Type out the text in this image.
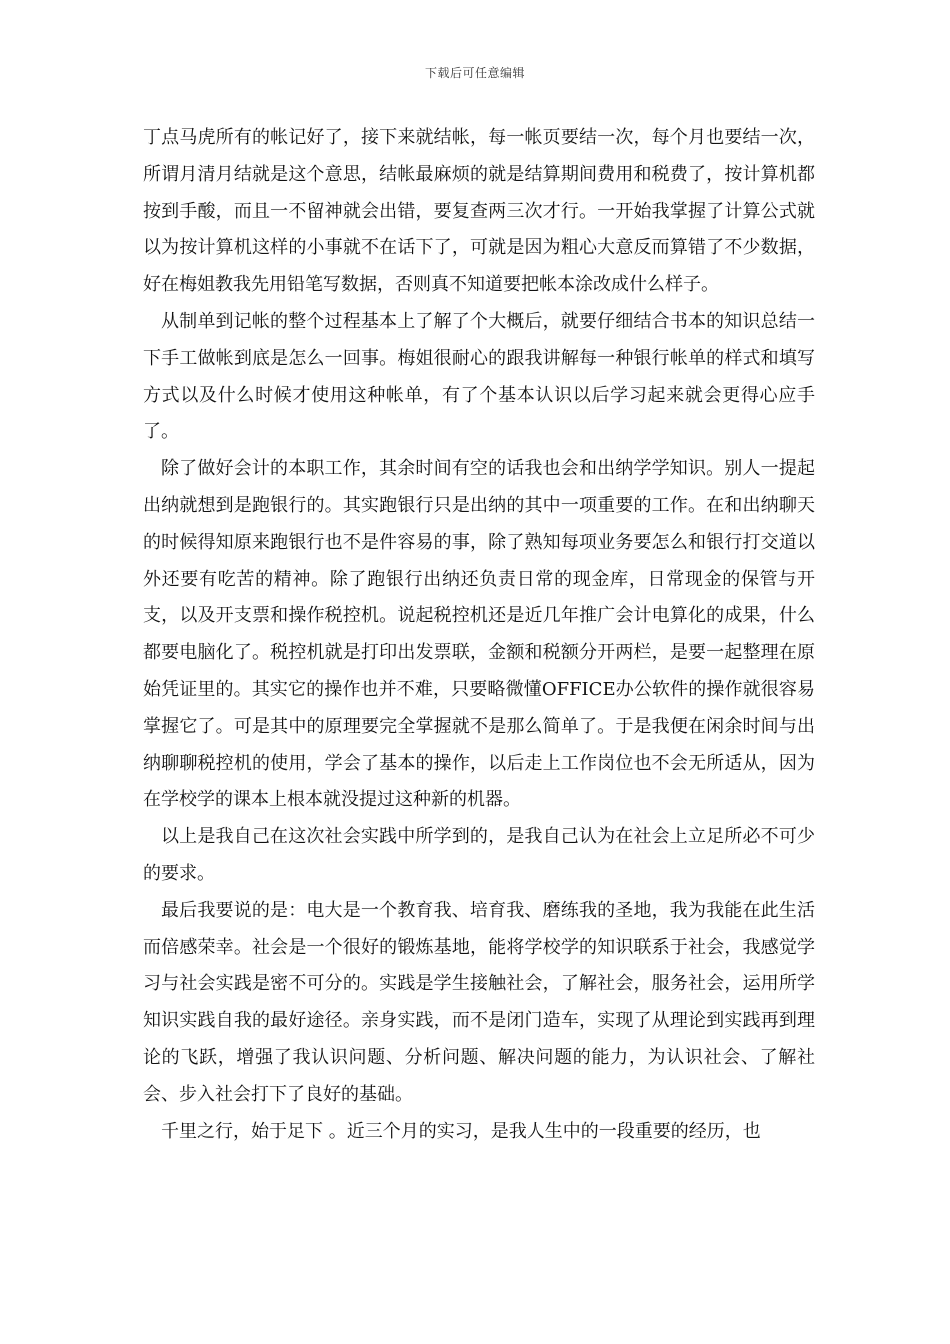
下载后可任意编辑

丁点马虎所有的帐记好了，接下来就结帐，每一帐页要结一次，每个月也要结一次，所谓月清月结就是这个意思，结帐最麻烦的就是结算期间费用和税费了，按计算机都按到手酸，而且一不留神就会出错，要复查两三次才行。一开始我掌握了计算公式就以为按计算机这样的小事就不在话下了，可就是因为粗心大意反而算错了不少数据，好在梅姐教我先用铅笔写数据，否则真不知道要把帐本涂改成什么样子。

从制单到记帐的整个过程基本上了解了个大概后，就要仔细结合书本的知识总结一下手工做帐到底是怎么一回事。梅姐很耐心的跟我讲解每一种银行帐单的样式和填写方式以及什么时候才使用这种帐单，有了个基本认识以后学习起来就会更得心应手了。

除了做好会计的本职工作，其余时间有空的话我也会和出纳学学知识。别人一提起出纳就想到是跑银行的。其实跑银行只是出纳的其中一项重要的工作。在和出纳聊天的时候得知原来跑银行也不是件容易的事，除了熟知每项业务要怎么和银行打交道以外还要有吃苦的精神。除了跑银行出纳还负责日常的现金库，日常现金的保管与开支，以及开支票和操作税控机。说起税控机还是近几年推广会计电算化的成果，什么都要电脑化了。税控机就是打印出发票联，金额和税额分开两栏，是要一起整理在原始凭证里的。其实它的操作也并不难，只要略微懂OFFICE办公软件的操作就很容易掌握它了。可是其中的原理要完全掌握就不是那么简单了。于是我便在闲余时间与出纳聊聊税控机的使用，学会了基本的操作，以后走上工作岗位也不会无所适从，因为在学校学的课本上根本就没提过这种新的机器。

以上是我自己在这次社会实践中所学到的，是我自己认为在社会上立足所必不可少的要求。

最后我要说的是：电大是一个教育我、培育我、磨练我的圣地，我为我能在此生活而倍感荣幸。社会是一个很好的锻炼基地，能将学校学的知识联系于社会，我感觉学习与社会实践是密不可分的。实践是学生接触社会，了解社会，服务社会，运用所学知识实践自我的最好途径。亲身实践，而不是闭门造车，实现了从理论到实践再到理论的飞跃，增强了我认识问题、分析问题、解决问题的能力，为认识社会、了解社会、步入社会打下了良好的基础。

千里之行，始于足下 。近三个月的实习，是我人生中的一段重要的经历，也
